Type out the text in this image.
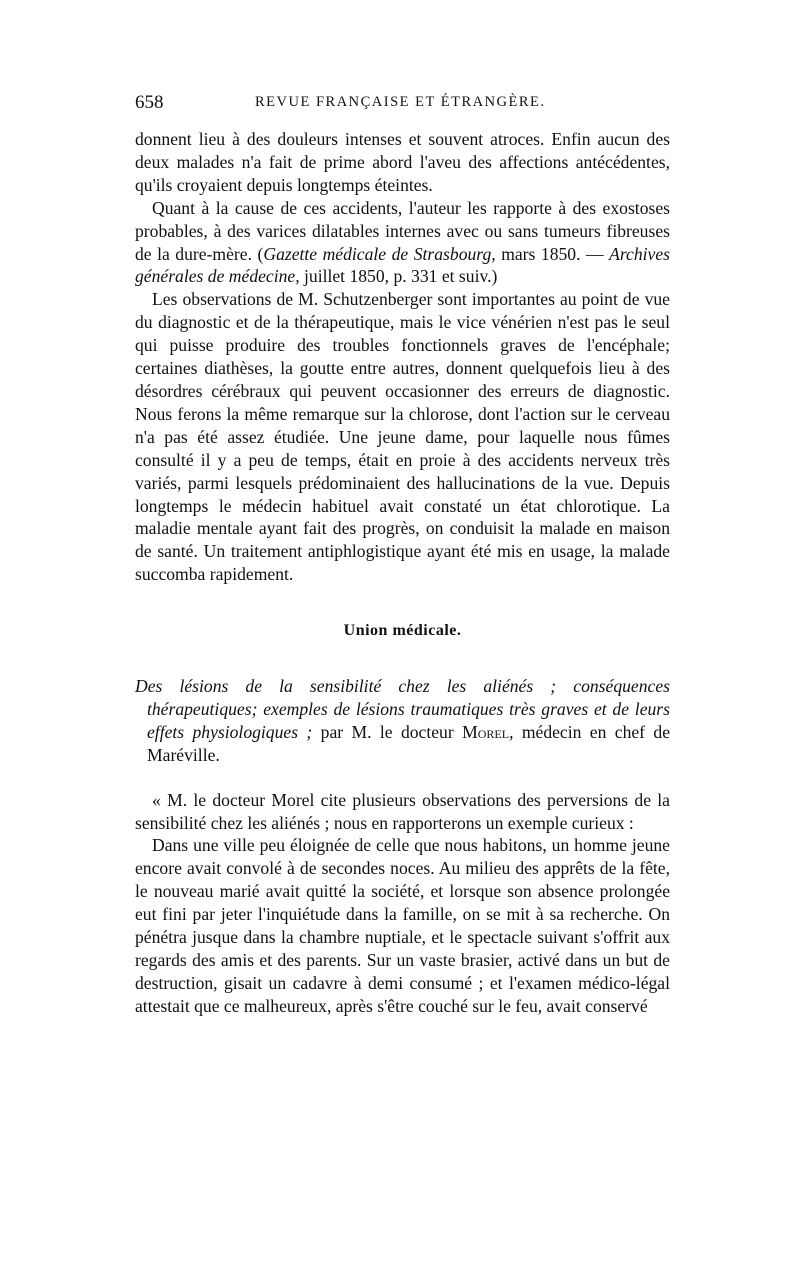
658	REVUE FRANÇAISE ET ÉTRANGÈRE.

donnent lieu à des douleurs intenses et souvent atroces. Enfin aucun des deux malades n'a fait de prime abord l'aveu des affections antécédentes, qu'ils croyaient depuis longtemps éteintes.

Quant à la cause de ces accidents, l'auteur les rapporte à des exostoses probables, à des varices dilatables internes avec ou sans tumeurs fibreuses de la dure-mère. (Gazette médicale de Strasbourg, mars 1850. — Archives générales de médecine, juillet 1850, p. 331 et suiv.)

Les observations de M. Schutzenberger sont importantes au point de vue du diagnostic et de la thérapeutique, mais le vice vénérien n'est pas le seul qui puisse produire des troubles fonctionnels graves de l'encéphale; certaines diathèses, la goutte entre autres, donnent quelquefois lieu à des désordres cérébraux qui peuvent occasionner des erreurs de diagnostic. Nous ferons la même remarque sur la chlorose, dont l'action sur le cerveau n'a pas été assez étudiée. Une jeune dame, pour laquelle nous fûmes consulté il y a peu de temps, était en proie à des accidents nerveux très variés, parmi lesquels prédominaient des hallucinations de la vue. Depuis longtemps le médecin habituel avait constaté un état chlorotique. La maladie mentale ayant fait des progrès, on conduisit la malade en maison de santé. Un traitement antiphlogistique ayant été mis en usage, la malade succomba rapidement.

Union médicale.

Des lésions de la sensibilité chez les aliénés ; conséquences thérapeutiques; exemples de lésions traumatiques très graves et de leurs effets physiologiques ; par M. le docteur Morel, médecin en chef de Maréville.

« M. le docteur Morel cite plusieurs observations des perversions de la sensibilité chez les aliénés ; nous en rapporterons un exemple curieux :

Dans une ville peu éloignée de celle que nous habitons, un homme jeune encore avait convolé à de secondes noces. Au milieu des apprêts de la fête, le nouveau marié avait quitté la société, et lorsque son absence prolongée eut fini par jeter l'inquiétude dans la famille, on se mit à sa recherche. On pénétra jusque dans la chambre nuptiale, et le spectacle suivant s'offrit aux regards des amis et des parents. Sur un vaste brasier, activé dans un but de destruction, gisait un cadavre à demi consumé ; et l'examen médico-légal attestait que ce malheureux, après s'être couché sur le feu, avait conservé
